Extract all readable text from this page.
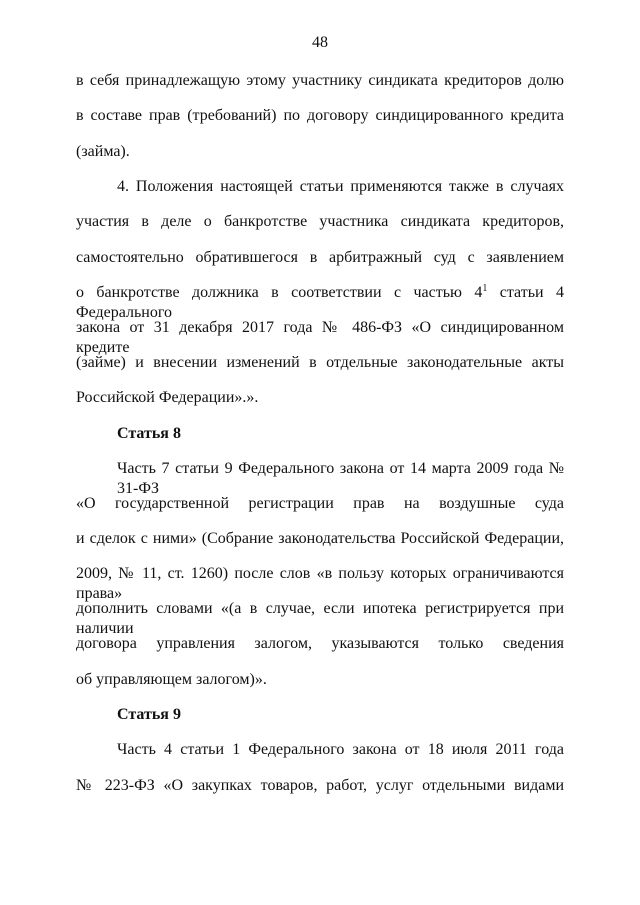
48
в себя принадлежащую этому участнику синдиката кредиторов долю
в составе прав (требований) по договору синдицированного кредита
(займа).
4. Положения настоящей статьи применяются также в случаях
участия в деле о банкротстве участника синдиката кредиторов,
самостоятельно обратившегося в арбитражный суд с заявлением
о банкротстве должника в соответствии с частью $4^1$ статьи 4 Федерального
закона от 31 декабря 2017 года № 486-ФЗ «О синдицированном кредите
(займе) и внесении изменений в отдельные законодательные акты
Российской Федерации».».
Статья 8
Часть 7 статьи 9 Федерального закона от 14 марта 2009 года № 31-ФЗ
«О государственной регистрации прав на воздушные суда
и сделок с ними» (Собрание законодательства Российской Федерации,
2009, № 11, ст. 1260) после слов «в пользу которых ограничиваются права»
дополнить словами «(а в случае, если ипотека регистрируется при наличии
договора управления залогом, указываются только сведения
об управляющем залогом)».
Статья 9
Часть 4 статьи 1 Федерального закона от 18 июля 2011 года
№ 223-ФЗ «О закупках товаров, работ, услуг отдельными видами
